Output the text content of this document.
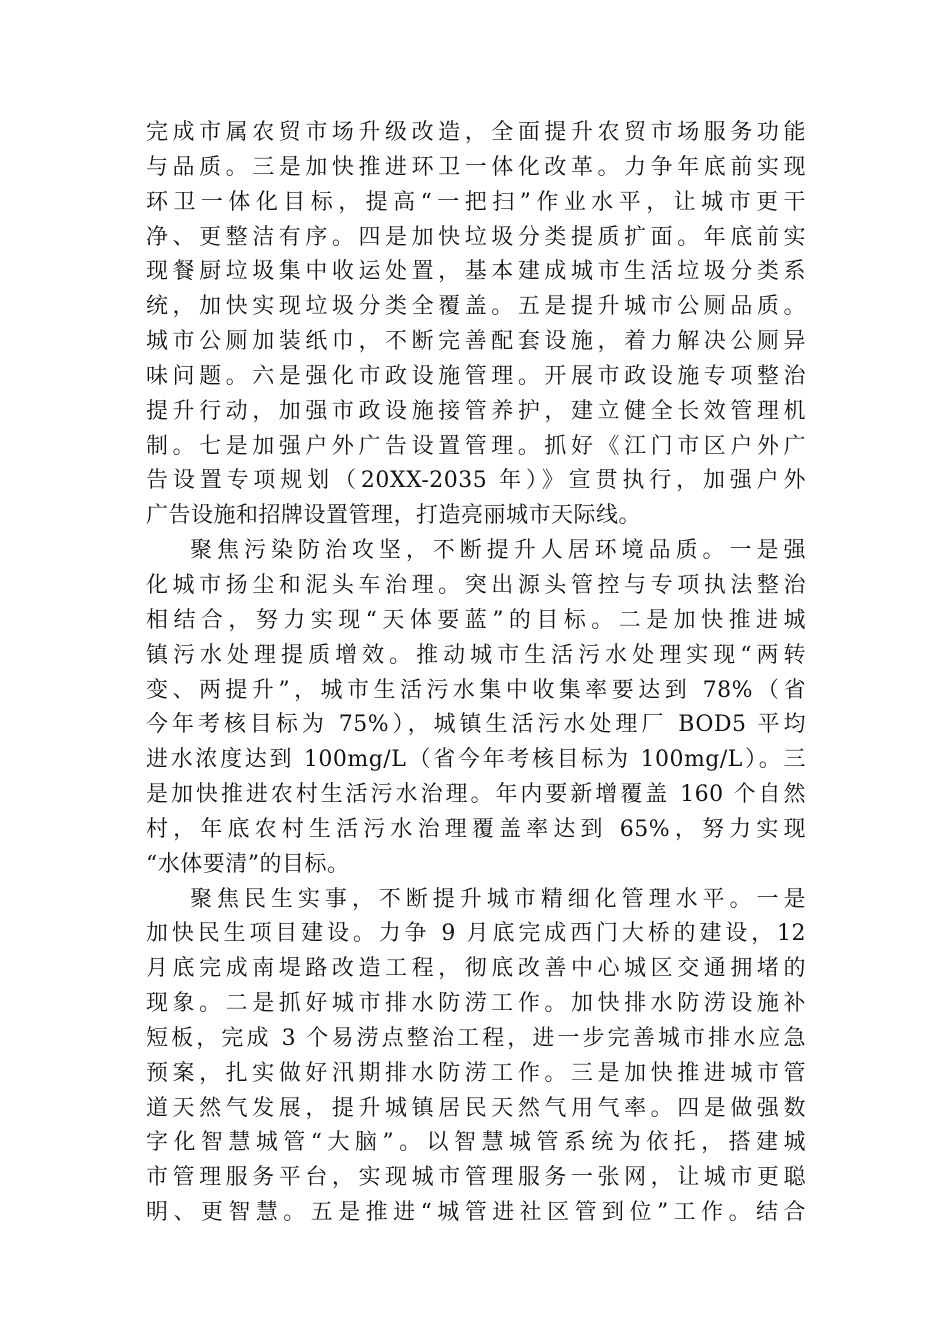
完成市属农贸市场升级改造，全面提升农贸市场服务功能
与品质。三是加快推进环卫一体化改革。力争年底前实现
环卫一体化目标，提高“一把扫”作业水平，让城市更干
净、更整洁有序。四是加快垃圾分类提质扩面。年底前实
现餐厨垃圾集中收运处置，基本建成城市生活垃圾分类系
统，加快实现垃圾分类全覆盖。五是提升城市公厕品质。
城市公厕加装纸巾，不断完善配套设施，着力解决公厕异
味问题。六是强化市政设施管理。开展市政设施专项整治
提升行动，加强市政设施接管养护，建立健全长效管理机
制。七是加强户外广告设置管理。抓好《江门市区户外广
告设置专项规划（20XX-2035 年）》宣贯执行，加强户外
广告设施和招牌设置管理，打造亮丽城市天际线。
聚焦污染防治攻坚，不断提升人居环境品质。一是强
化城市扬尘和泥头车治理。突出源头管控与专项执法整治
相结合，努力实现“天体要蓝”的目标。二是加快推进城
镇污水处理提质增效。推动城市生活污水处理实现“两转
变、两提升”，城市生活污水集中收集率要达到 78%（省
今年考核目标为 75%），城镇生活污水处理厂 BOD5 平均
进水浓度达到 100mg/L（省今年考核目标为 100mg/L）。三
是加快推进农村生活污水治理。年内要新增覆盖 160 个自然
村，年底农村生活污水治理覆盖率达到 65%，努力实现
“水体要清”的目标。
聚焦民生实事，不断提升城市精细化管理水平。一是
加快民生项目建设。力争 9 月底完成西门大桥的建设，12
月底完成南堤路改造工程，彻底改善中心城区交通拥堵的
现象。二是抓好城市排水防涝工作。加快排水防涝设施补
短板，完成 3 个易涝点整治工程，进一步完善城市排水应急
预案，扎实做好汛期排水防涝工作。三是加快推进城市管
道天然气发展，提升城镇居民天然气用气率。四是做强数
字化智慧城管“大脑”。以智慧城管系统为依托，搭建城
市管理服务平台，实现城市管理服务一张网，让城市更聪
明、更智慧。五是推进“城管进社区管到位”工作。结合
